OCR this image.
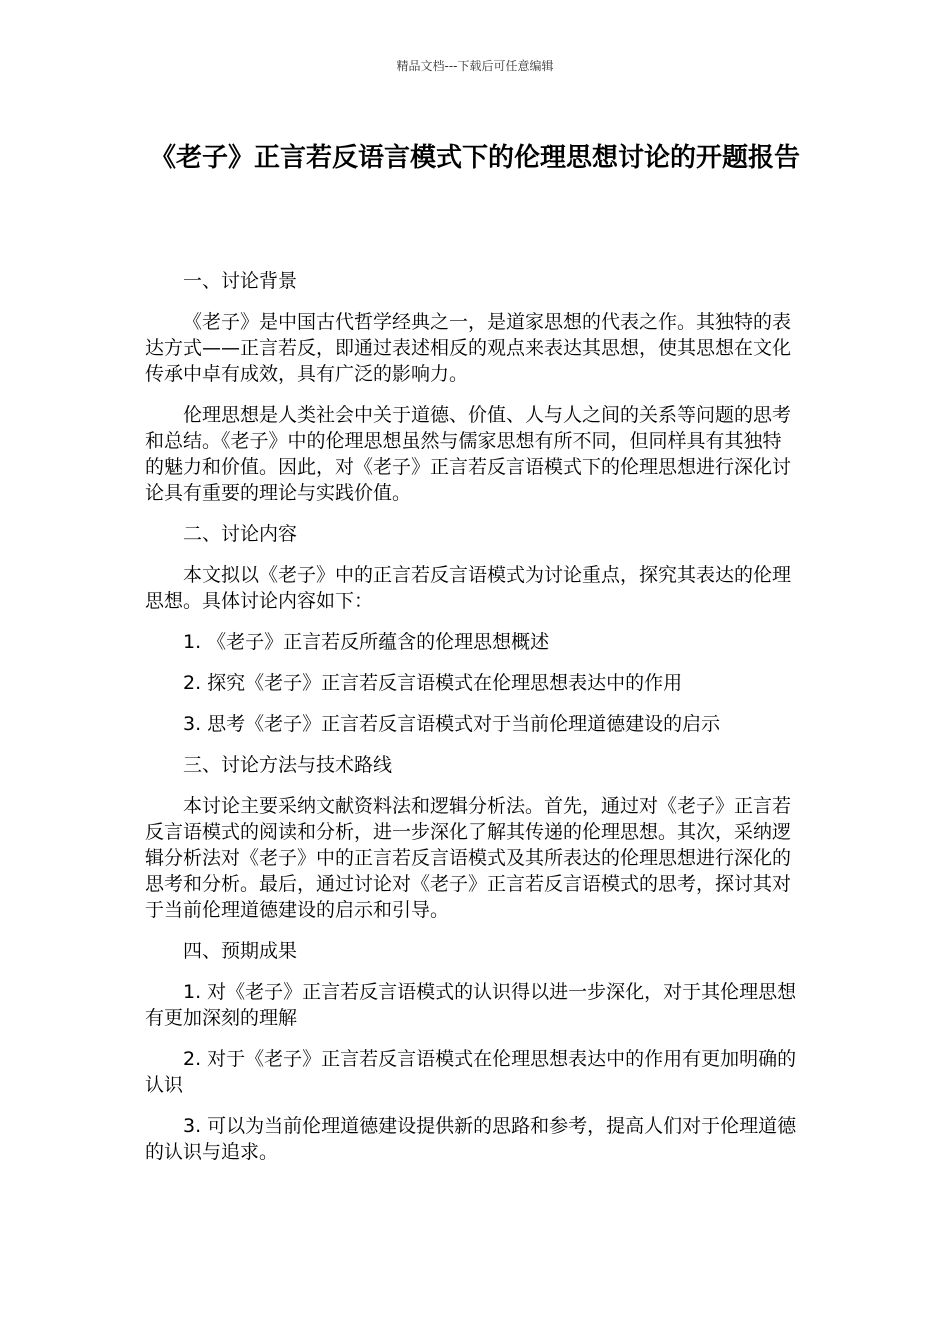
精品文档---下载后可任意编辑
《老子》正言若反语言模式下的伦理思想讨论的开题报告

一、讨论背景

《老子》是中国古代哲学经典之一，是道家思想的代表之作。其独特的表达方式——正言若反，即通过表述相反的观点来表达其思想，使其思想在文化传承中卓有成效，具有广泛的影响力。

伦理思想是人类社会中关于道德、价值、人与人之间的关系等问题的思考和总结。《老子》中的伦理思想虽然与儒家思想有所不同，但同样具有其独特的魅力和价值。因此，对《老子》正言若反言语模式下的伦理思想进行深化讨论具有重要的理论与实践价值。

二、讨论内容

本文拟以《老子》中的正言若反言语模式为讨论重点，探究其表达的伦理思想。具体讨论内容如下：

1. 《老子》正言若反所蕴含的伦理思想概述

2. 探究《老子》正言若反言语模式在伦理思想表达中的作用

3. 思考《老子》正言若反言语模式对于当前伦理道德建设的启示

三、讨论方法与技术路线

本讨论主要采纳文献资料法和逻辑分析法。首先，通过对《老子》正言若反言语模式的阅读和分析，进一步深化了解其传递的伦理思想。其次，采纳逻辑分析法对《老子》中的正言若反言语模式及其所表达的伦理思想进行深化的思考和分析。最后，通过讨论对《老子》正言若反言语模式的思考，探讨其对于当前伦理道德建设的启示和引导。

四、预期成果

1. 对《老子》正言若反言语模式的认识得以进一步深化，对于其伦理思想有更加深刻的理解

2. 对于《老子》正言若反言语模式在伦理思想表达中的作用有更加明确的认识

3. 可以为当前伦理道德建设提供新的思路和参考，提高人们对于伦理道德的认识与追求。
